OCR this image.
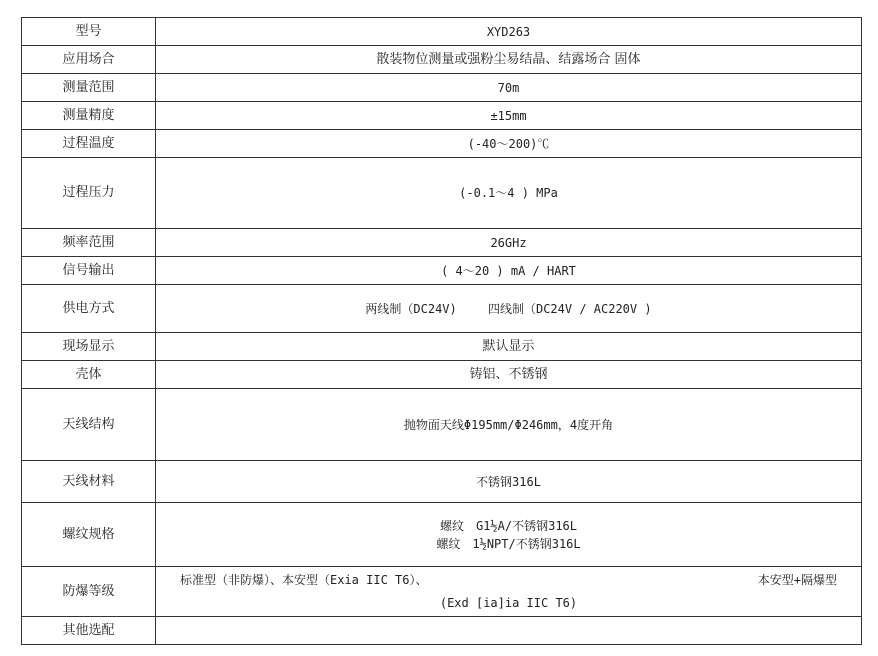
型号	XYD263
应用场合	散装物位测量或强粉尘易结晶、结露场合 固体
测量范围	70m
测量精度	±15mm
过程温度	(-40～200)℃
过程压力	(-0.1～4 ) MPa
频率范围	26GHz
信号输出	( 4～20 ) mA / HART
供电方式	两线制（DC24V)　　 四线制（DC24V / AC220V )
现场显示	默认显示
壳体	铸铝、不锈钢
天线结构	抛物面天线Φ195mm/Φ246mm，4度开角
天线材料	不锈钢316L
螺纹规格	螺纹　G1½A/不锈钢316L
螺纹　1½NPT/不锈钢316L

防爆等级	标准型（非防爆）、本安型（Exia IIC T6）、 本安型+隔爆型
(Exd [ia]ia IIC T6)

其他选配	
